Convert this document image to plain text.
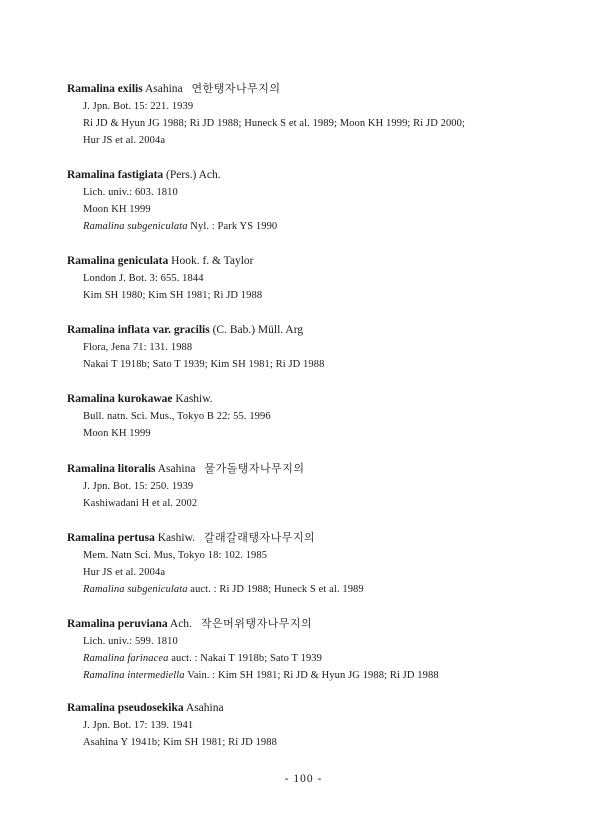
Ramalina exilis Asahina 연한탱자나무지의
J. Jpn. Bot. 15: 221. 1939
Ri JD & Hyun JG 1988; Ri JD 1988; Huneck S et al. 1989; Moon KH 1999; Ri JD 2000;
Hur JS et al. 2004a
Ramalina fastigiata (Pers.) Ach.
Lich. univ.: 603. 1810
Moon KH 1999
Ramalina subgeniculata Nyl. : Park YS 1990
Ramalina geniculata Hook. f. & Taylor
London J. Bot. 3: 655. 1844
Kim SH 1980; Kim SH 1981; Ri JD 1988
Ramalina inflata var. gracilis (C. Bab.) Müll. Arg
Flora, Jena 71: 131. 1988
Nakai T 1918b; Sato T 1939; Kim SH 1981; Ri JD 1988
Ramalina kurokawae Kashiw.
Bull. natn. Sci. Mus., Tokyo B 22: 55. 1996
Moon KH 1999
Ramalina litoralis Asahina 물가돌탱자나무지의
J. Jpn. Bot. 15: 250. 1939
Kashiwadani H et al. 2002
Ramalina pertusa Kashiw. 갈래갈래탱자나무지의
Mem. Natn Sci. Mus, Tokyo 18: 102. 1985
Hur JS et al. 2004a
Ramalina subgeniculata auct. : Ri JD 1988; Huneck S et al. 1989
Ramalina peruviana Ach. 작은머위탱자나무지의
Lich. univ.: 599. 1810
Ramalina farinacea auct. : Nakai T 1918b; Sato T 1939
Ramalina intermediella Vain. : Kim SH 1981; Ri JD & Hyun JG 1988; Ri JD 1988
Ramalina pseudosekika Asahina
J. Jpn. Bot. 17: 139. 1941
Asahina Y 1941b; Kim SH 1981; Ri JD 1988
- 100 -
